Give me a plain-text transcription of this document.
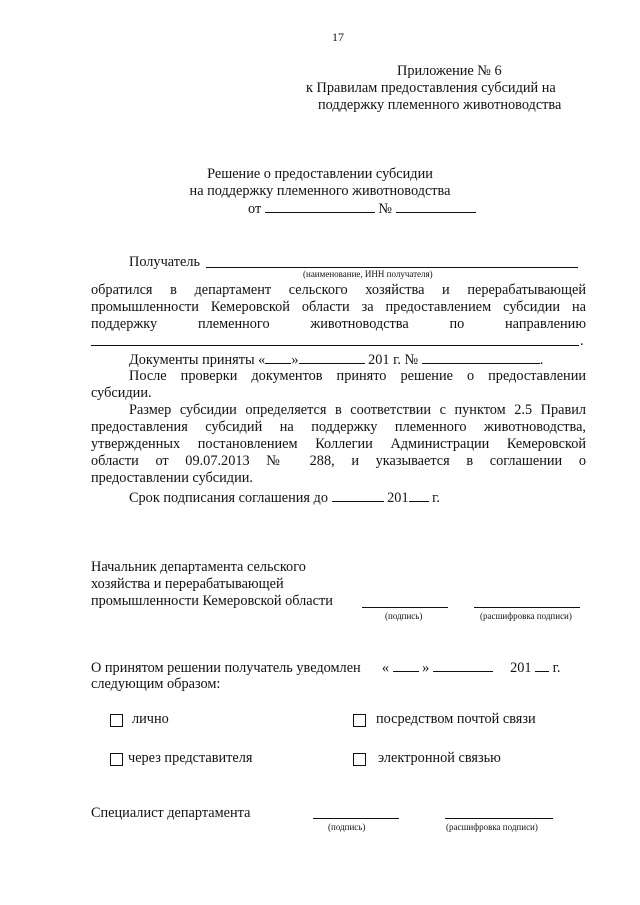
17
Приложение № 6
к Правилам предоставления субсидий на
поддержку племенного животноводства
Решение о предоставлении субсидии
на поддержку племенного животноводства
от	№
Получатель
(наименование, ИНН получателя)
обратился в департамент сельского хозяйства и перерабатывающей
промышленности Кемеровской области за предоставлением субсидии на
поддержку племенного животноводства по направлению
.
Документы приняты « »	201 г. №	.
После проверки документов принято решение о предоставлении
субсидии.
Размер субсидии определяется в соответствии с пунктом 2.5 Правил
предоставления субсидий на поддержку племенного животноводства,
утвержденных постановлением Коллегии Администрации Кемеровской
области от 09.07.2013 № 288, и указывается в соглашении о
предоставлении субсидии.
Срок подписания соглашения до	201 г.
Начальник департамента сельского
хозяйства и перерабатывающей
промышленности Кемеровской области
(подпись)	(расшифровка подписи)
О принятом решении получатель уведомлен « »	201 г.
следующим образом:
лично	посредством почтой связи
через представителя	электронной связью
Специалист департамента
(подпись)	(расшифровка подписи)
